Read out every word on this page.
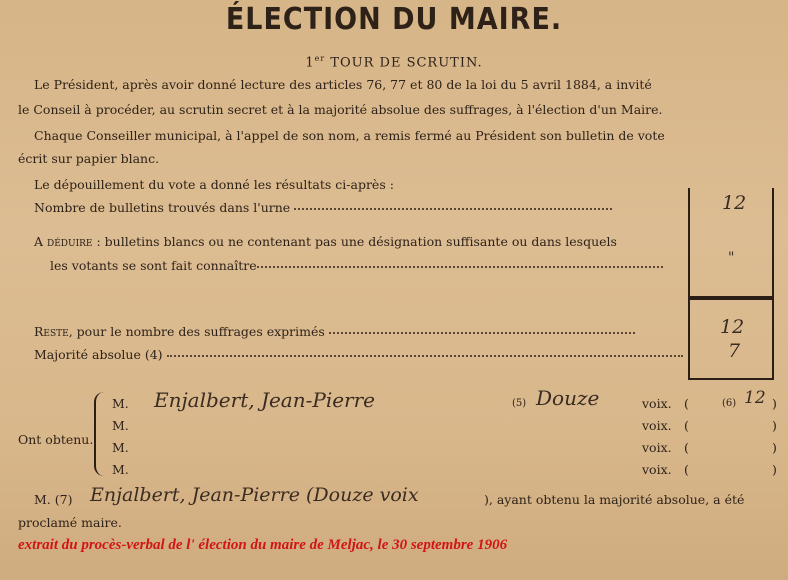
ÉLECTION DU MAIRE.
1er TOUR DE SCRUTIN.
Le Président, après avoir donné lecture des articles 76, 77 et 80 de la loi du 5 avril 1884, a invité
le Conseil à procéder, au scrutin secret et à la majorité absolue des suffrages, à l'élection d'un Maire.
Chaque Conseiller municipal, à l'appel de son nom, a remis fermé au Président son bulletin de vote
écrit sur papier blanc.
Le dépouillement du vote a donné les résultats ci-après :
Nombre de bulletins trouvés dans l'urne	12
A déduire : bulletins blancs ou ne contenant pas une désignation suffisante ou dans lesquels
les votants se sont fait connaître	"
Reste, pour le nombre des suffrages exprimés	12
Majorité absolue (4)	7
Ont obtenu.
M. Enjalbert, Jean-Pierre	(5) Douze	voix. (	(6) 12 )
M.	voix. (	)
M.	voix. (	)
M.	voix. (	)
M. (7) Enjalbert, Jean-Pierre (Douze voix	), ayant obtenu la majorité absolue, a été
proclamé maire.
extrait du procès-verbal de l' élection du maire de Meljac, le 30 septembre 1906
